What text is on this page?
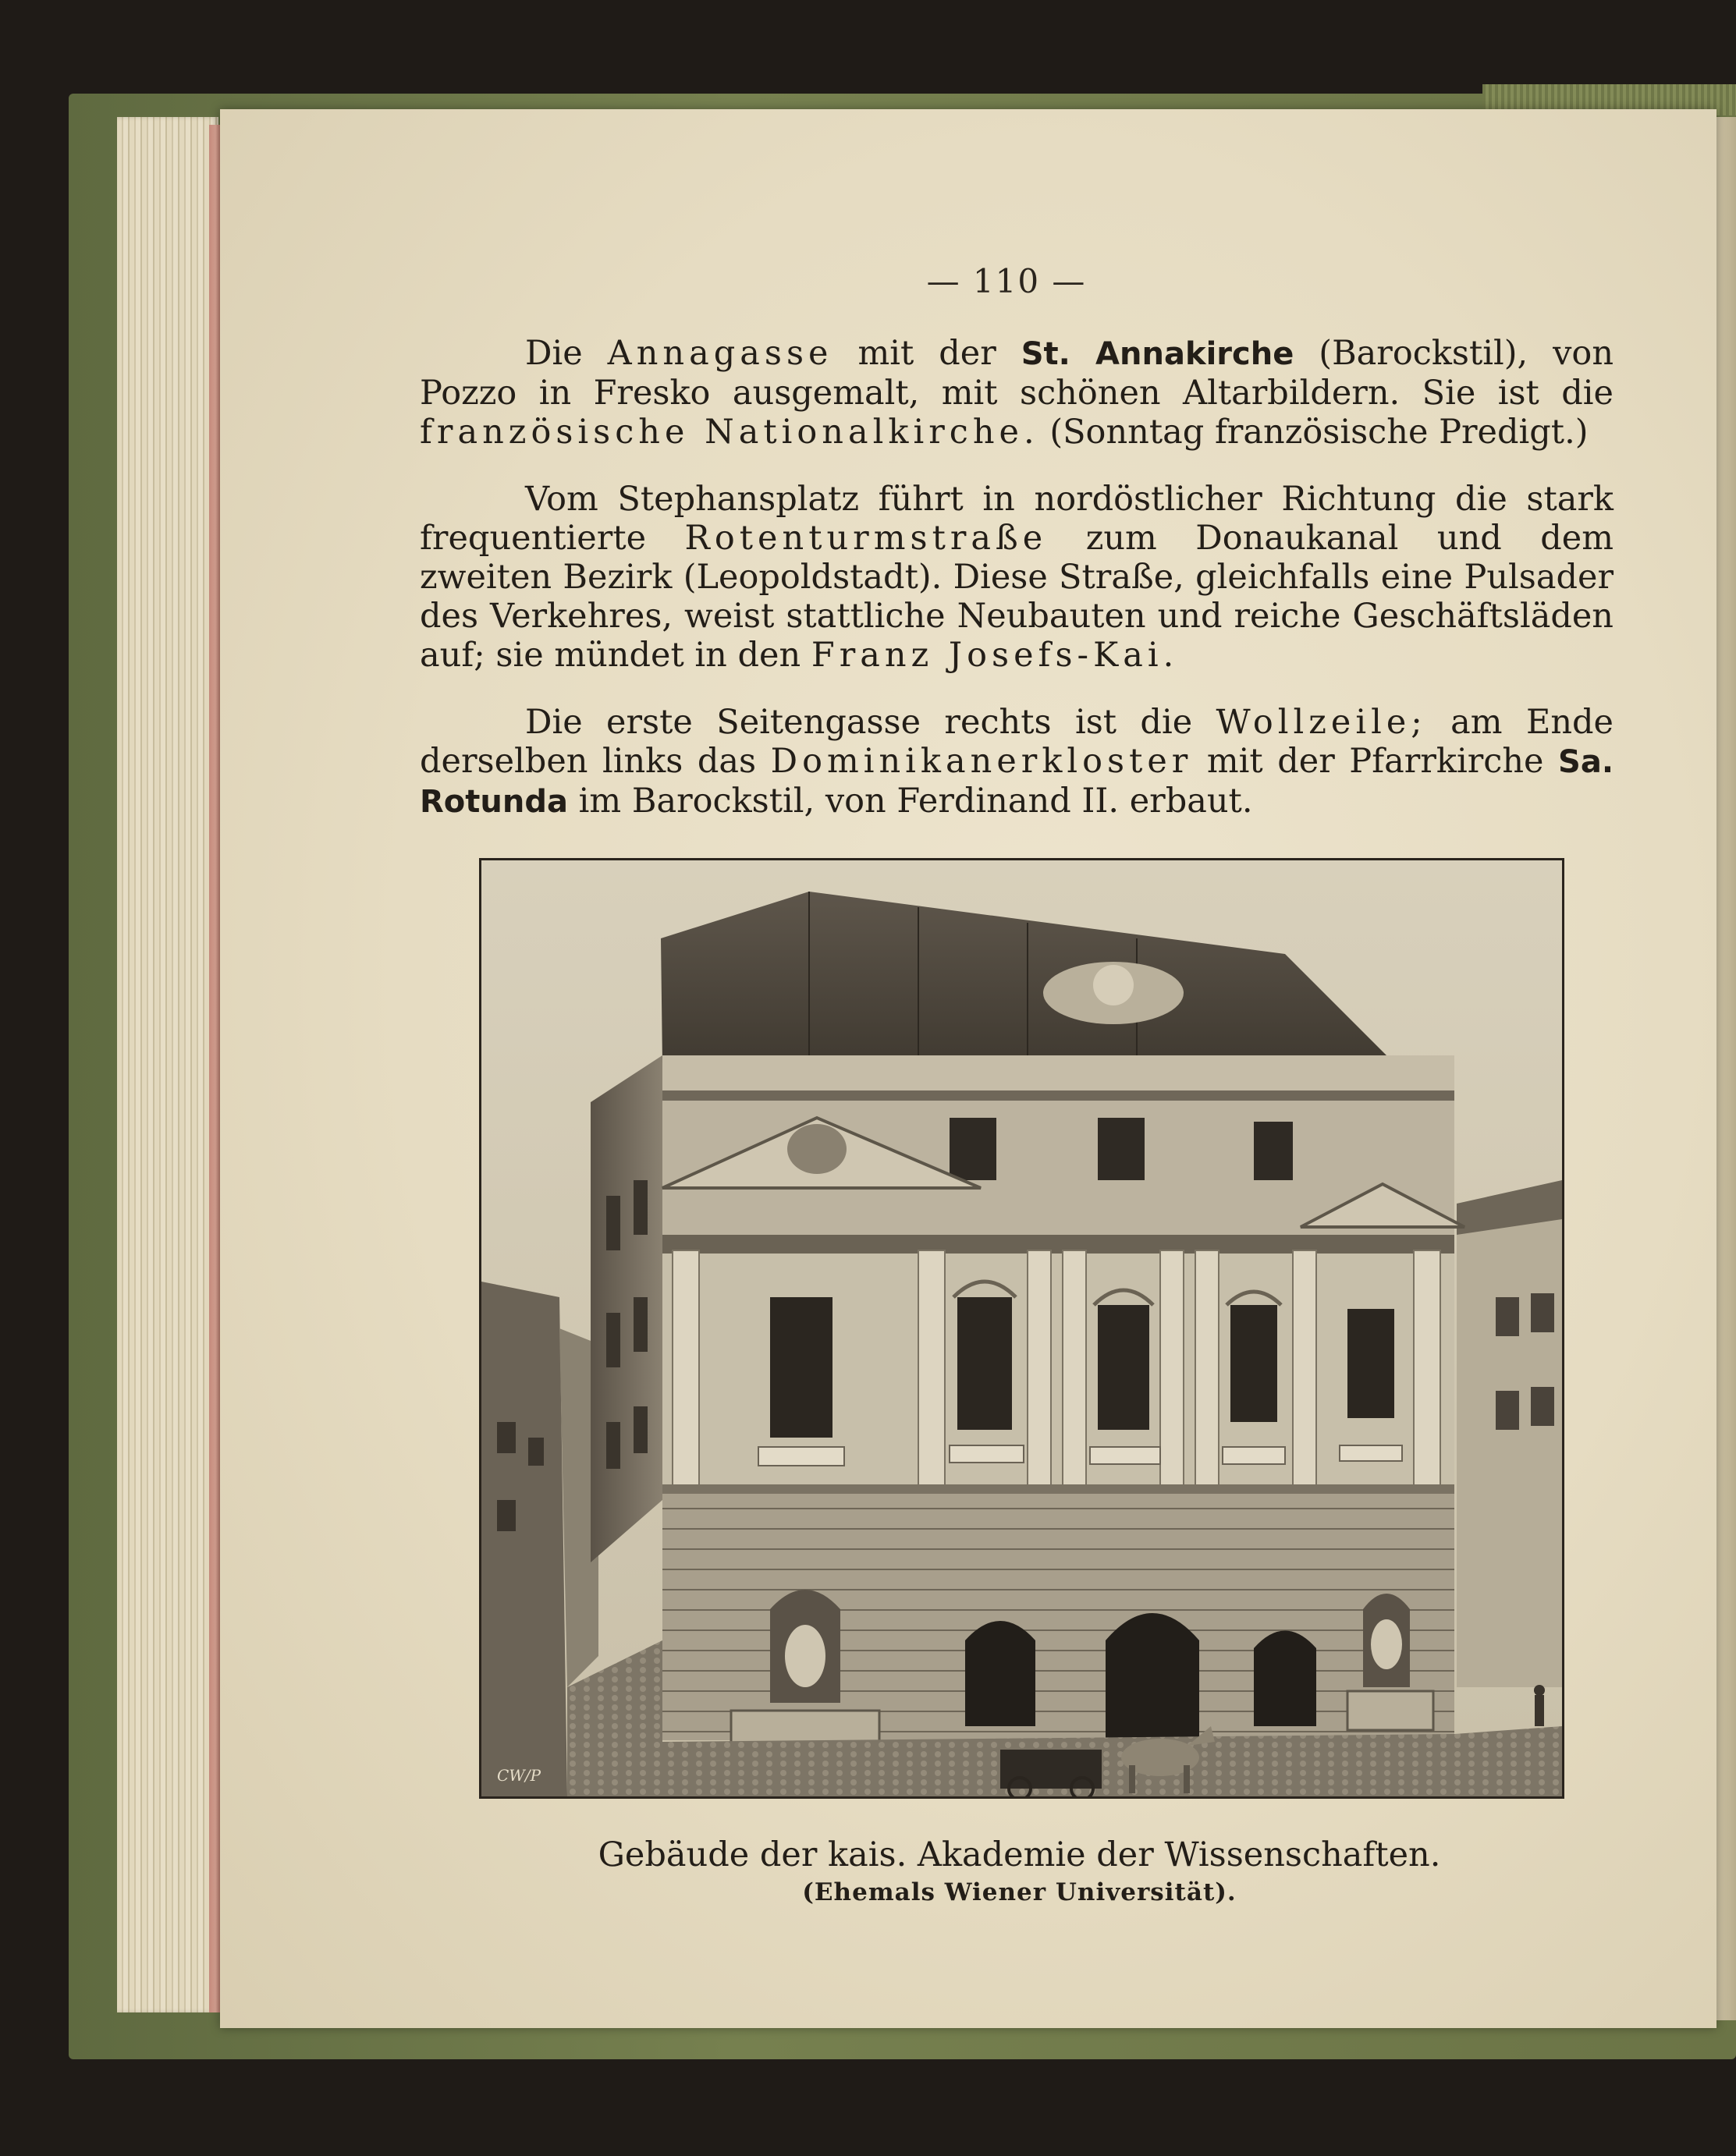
— 110 —

Die Annagasse mit der St. Annakirche (Barockstil), von Pozzo in Fresko ausgemalt, mit schönen Altarbildern. Sie ist die französische Nationalkirche. (Sonntag französische Predigt.)

Vom Stephansplatz führt in nordöstlicher Richtung die stark frequentierte Rotenturmstraße zum Donaukanal und dem zweiten Bezirk (Leopoldstadt). Diese Straße, gleichfalls eine Pulsader des Verkehres, weist stattliche Neubauten und reiche Geschäftsläden auf; sie mündet in den Franz Josefs-Kai.

Die erste Seitengasse rechts ist die Wollzeile; am Ende derselben links das Dominikanerkloster mit der Pfarrkirche Sa. Rotunda im Barockstil, von Ferdinand II. erbaut.

CW/P
Gebäude der kais. Akademie der Wissenschaften.
(Ehemals Wiener Universität).
